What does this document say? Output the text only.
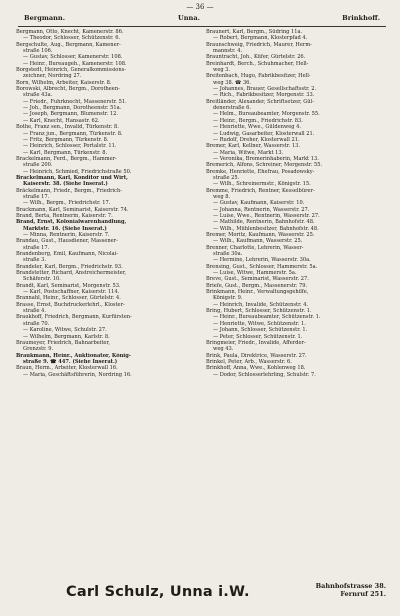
— 36 —
Bergmann.	Unna.	Brinkhoff.
Bergmann, Otto, Knecht, Kamenerstr. 86.
— Theodor, Schlosser, Schützenstr. 6.
Bergschulte, Aug., Bergmann, Kamener-
straße 106.
— Gustav, Schlosser, Kamenerstr. 108.
— Heinr., Bureaugeh., Kamenerstr. 108.
Borgstedt, Heinrich, Generalkommissions-
zeichner, Nordring 27.
Born, Wilhelm, Arbeiter, Kaiserstr. 8.
Borowski, Albrecht, Bergm., Dorotheen-
straße 43a.
— Friedr., Fuhrknecht, Massenerstr. 51.
— Joh., Bergmann, Dorotheenstr. 51a.
— Joseph, Bergmann, Blumenstr. 12.
— Karl, Knecht, Hansastr. 62.
Bothe, Franz sen., Invalid, Türkenstr. 8.
— Franz jun., Bergmann, Türkenstr. 8.
— Fritz, Bergmann, Türkenstr. 8.
— Heinrich, Schlosser, Portalstr. 11.
— Karl, Bergmann, Türkenstr. 8.
Brackelmann, Ferd., Bergm., Hammer-
straße 200.
— Heinrich, Schmied, Friedrichstraße 50.
Brackelmann, Karl, Konditor und Wirt,
Kaiserstr. 38. (Siehe Inserat.)
Bräckelmann, Friedr., Bergm., Friedrich-
straße 17.
— Wilh., Bergm., Friedrichstr. 17.
Brackmann, Karl, Seminarist, Kaiserstr. 74.
Brand, Berta, Rentnerin, Kaiserstr. 7.
Brand, Ernst, Kolonialwarenhandlung,
Marktstr. 16. (Siehe Inserat.)
— Minna, Rentnerin, Kaiserstr. 7.
Brandau, Gust., Hausdiener, Massener-
straße 17.
Brandenberg, Emil, Kaufmann, Nicolai-
straße 3.
Brandeler, Karl, Bergm., Friedrichstr. 93.
Brandstetter, Richard, Anstreichermeister,
Schäferstr. 10.
Brandt, Karl, Seminarist, Morgenstr. 53.
— Karl, Postschaffner, Kaiserstr. 114.
Brannahl, Heinr., Schlosser, Gürtelstr. 4.
Brasse, Ernst, Buchdruckerlehrl., Kloster-
straße 4.
Braukhoff, Friedrich, Bergmann, Kurfürsten-
straße 70.
— Karoline, Witwe, Schulstr. 27.
— Wilhelm, Bergmann, Karlstr. 8.
Braumeyer, Friedrich, Bahnarbeiter,
Grenzstr. 9.
Braukmann, Heinr., Auktionator, König-
straße 9. ☎ 447. (Siehe Inserat.)
Braun, Herm., Arbeiter, Klosterwall 16.
— Maria, Geschäftsführerin, Nordring 16.
Braunert, Karl, Bergm., Südring 11a.
— Robert, Bergmann, Klosterpfad 4.
Braunschweig, Friedrich, Maurer, Herm-
mannstr. 4.
Brauntracht, Joh., Küfer, Gürtelstr. 26.
Breinhardt, Berch., Schuhmacher, Hell-
weg 3.
Breitenbach, Hugo, Fabrikbesitzer, Hell-
weg 38. ☎ 36.
— Johannes, Brauer, Gesellschaftsstr. 2.
— Rich., Fabrikbesitzer, Morgenstr. 33.
Breitländer, Alexander, Schriftsetzer, Gül-
denerstraße 6.
— Helm., Bureaubeamter, Morgenstr. 55.
— Heinr., Bergm., Friedrichstr. 83.
— Henriette, Wwe., Güldenweg 4.
— Ludwig, Gasarbeiter, Klosterwall 21.
— Rudolf, Dreher, Klosterwall 21.
Bremer, Karl, Kellner, Wasserstr. 13.
— Maria, Witwe, Markt 13.
— Veronika, Bremerinhaberin, Markt 13.
Bremerich, Alfons, Schreiner, Morgenstr. 55.
Bremke, Henriette, Ehefrau, Posadowsky-
straße 25.
— Wilh., Schreinermstr., Königstr. 15.
Bremme, Friedrich, Rentner, Kesselbürer-
weg 8.
— Gustav, Kaufmann, Kaiserstr. 10.
— Johanna, Rentnerin, Wasserstr. 27.
— Luise, Wwe., Rentnerin, Wasserstr. 27.
— Mathilde, Rentnerin, Bahnhofstr. 48.
— Wilh., Mühlenbesitzer, Bahnhofstr. 48.
Bremer, Moritz, Kaufmann, Wasserstr. 25.
— Wilh., Kaufmann, Wasserstr. 25.
Brenner, Charlotte, Lehrerin, Wasser-
straße 30a.
— Hermine, Lehrerin, Wasserstr. 30a.
Brensing, Gust., Schlosser, Hammerstr. 5a.
— Luise, Witwe, Hammerstr. 5a.
Breve, Gust., Seminarist, Wasserstr. 27.
Briefe, Gust., Bergm., Massenerstr. 79.
Brinkmann, Heinr., Verwaltungsgehilfe,
Königstr. 9.
— Heinrich, Invalide, Schützenstr. 4.
Bring, Hubert, Schlosser, Schützenstr. 1.
— Heinr., Bureaubeamter, Schützenstr. 1.
— Henriette, Witwe, Schützenstr. 1.
— Johann, Schlosser, Schützenstr. 1.
— Peter, Schlosser, Schützenstr. 1.
Bringmeier, Friedr., Invalide, Afferder-
weg 43.
Brink, Paula, Direktrice, Wasserstr. 27.
Brinkel, Peter, Arb., Wasserstr. 6.
Brinkhoff, Anna, Wwe., Kohlenweg 18.
— Dodor, Schlosserlehrling, Schulstr. 7.
Carl Schulz, Unna i.W.	Bahnhofstrasse 38.
Fernruf 251.
